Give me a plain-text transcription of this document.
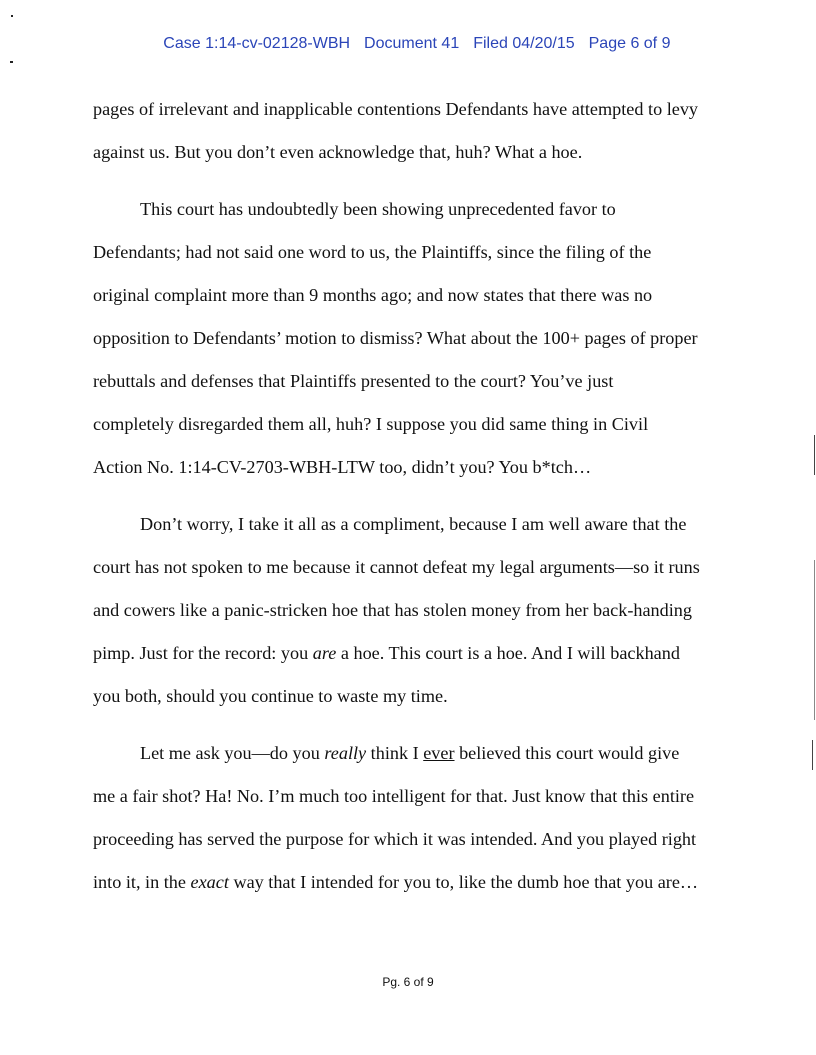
Case 1:14-cv-02128-WBH Document 41 Filed 04/20/15 Page 6 of 9

pages of irrelevant and inapplicable contentions Defendants have attempted to levy
against us. But you don’t even acknowledge that, huh? What a hoe.
This court has undoubtedly been showing unprecedented favor to
Defendants; had not said one word to us, the Plaintiffs, since the filing of the
original complaint more than 9 months ago; and now states that there was no
opposition to Defendants’ motion to dismiss? What about the 100+ pages of proper
rebuttals and defenses that Plaintiffs presented to the court? You’ve just
completely disregarded them all, huh? I suppose you did same thing in Civil
Action No. 1:14-CV-2703-WBH-LTW too, didn’t you? You b*tch…
Don’t worry, I take it all as a compliment, because I am well aware that the
court has not spoken to me because it cannot defeat my legal arguments—so it runs
and cowers like a panic-stricken hoe that has stolen money from her back-handing
pimp. Just for the record: you are a hoe. This court is a hoe. And I will backhand
you both, should you continue to waste my time.
Let me ask you—do you really think I ever believed this court would give
me a fair shot? Ha! No. I’m much too intelligent for that. Just know that this entire
proceeding has served the purpose for which it was intended. And you played right
into it, in the exact way that I intended for you to, like the dumb hoe that you are…
Pg. 6 of 9
